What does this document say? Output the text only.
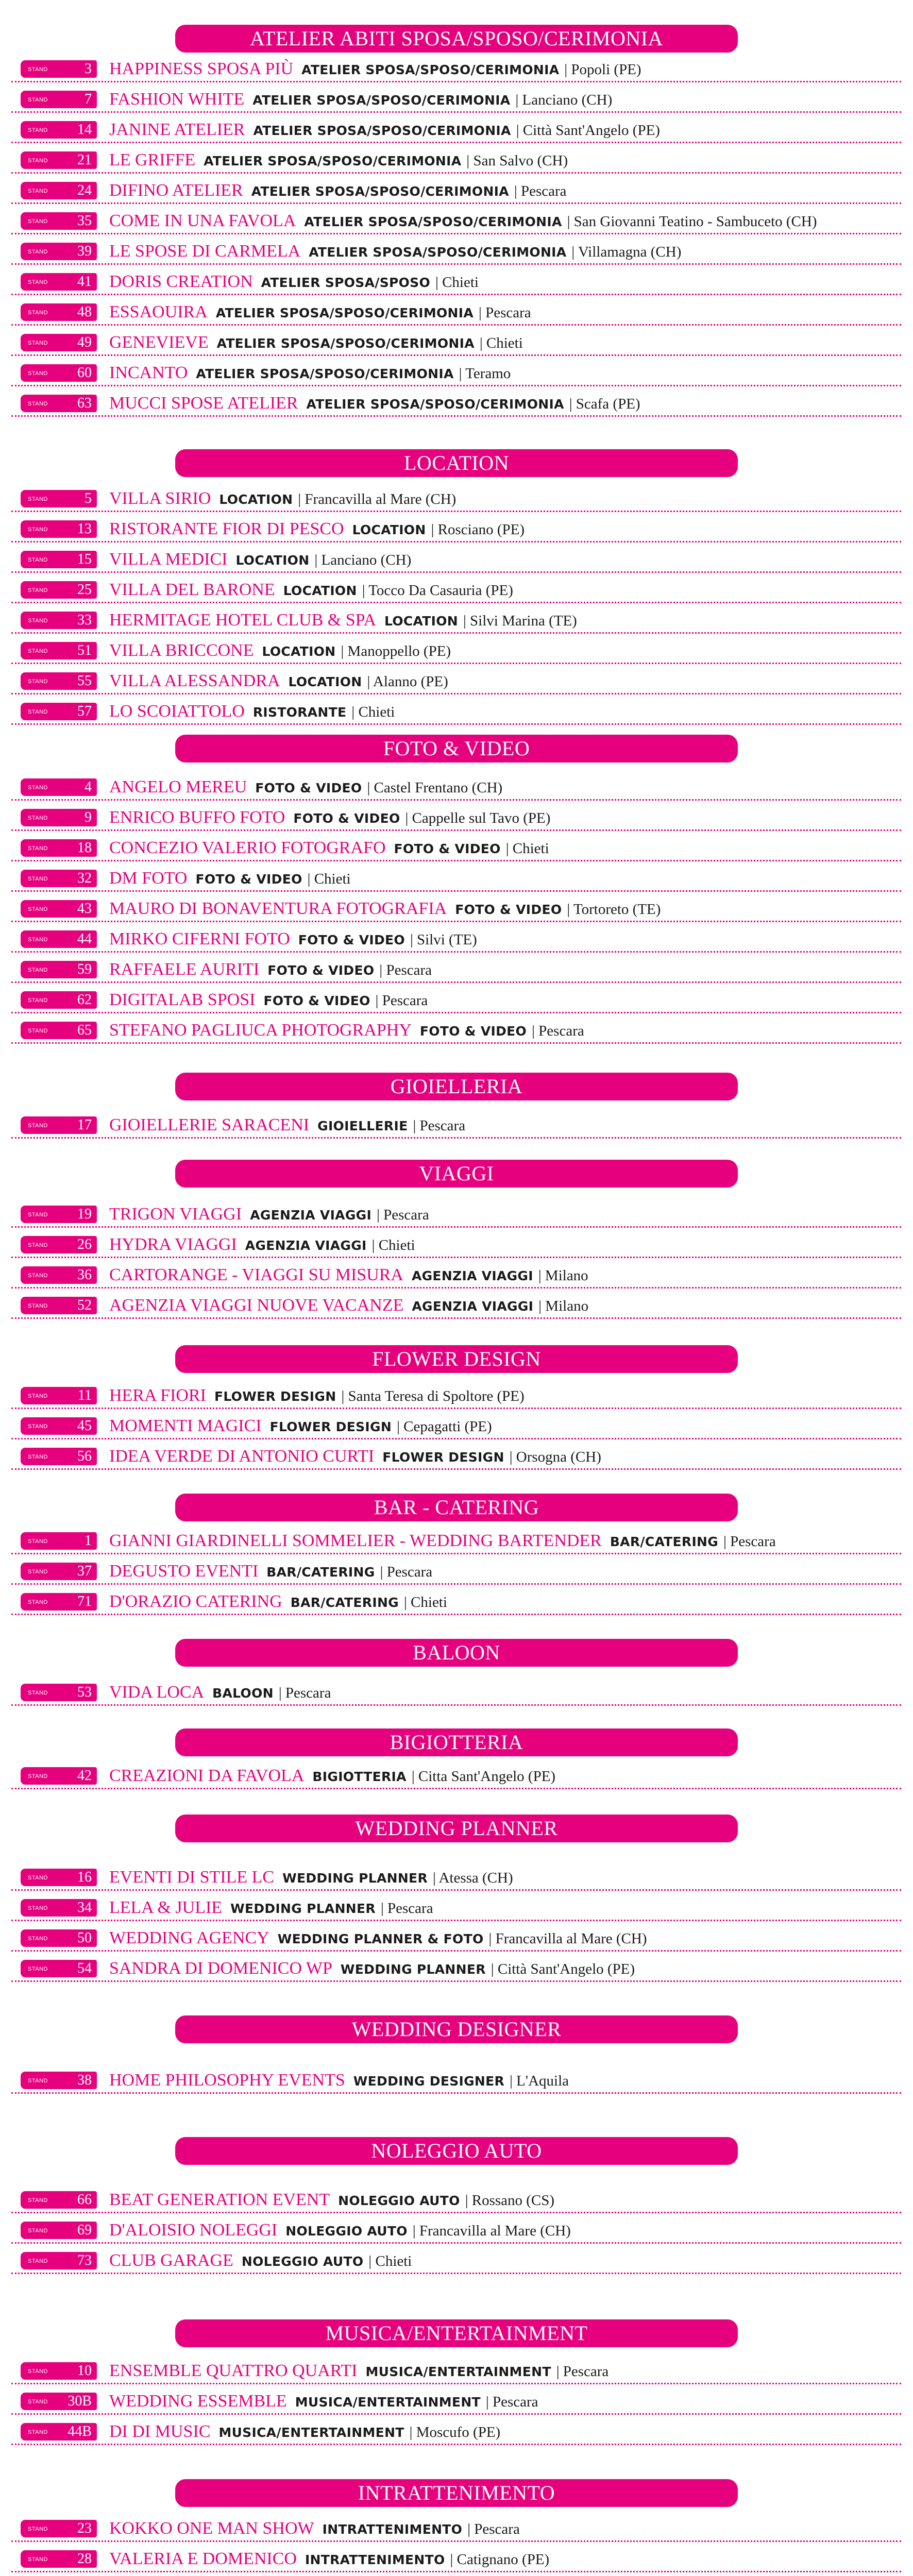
ATELIER ABITI SPOSA/SPOSO/CERIMONIA
STAND	3 HAPPINESS SPOSA PIÙ ATELIER SPOSA/SPOSO/CERIMONIA | Popoli (PE)
STAND	7 FASHION WHITE ATELIER SPOSA/SPOSO/CERIMONIA | Lanciano (CH)
STAND 14 JANINE ATELIER ATELIER SPOSA/SPOSO/CERIMONIA | Città Sant'Angelo (PE)
STAND 21 LE GRIFFE ATELIER SPOSA/SPOSO/CERIMONIA | San Salvo (CH)
STAND 24 DIFINO ATELIER ATELIER SPOSA/SPOSO/CERIMONIA | Pescara
STAND 35 COME IN UNA FAVOLA ATELIER SPOSA/SPOSO/CERIMONIA | San Giovanni Teatino - Sambuceto (CH)
STAND 39 LE SPOSE DI CARMELA ATELIER SPOSA/SPOSO/CERIMONIA | Villamagna (CH)
STAND 41 DORIS CREATION ATELIER SPOSA/SPOSO | Chieti
STAND 48 ESSAOUIRA ATELIER SPOSA/SPOSO/CERIMONIA | Pescara
STAND 49 GENEVIEVE ATELIER SPOSA/SPOSO/CERIMONIA | Chieti
STAND 60 INCANTO ATELIER SPOSA/SPOSO/CERIMONIA | Teramo
STAND 63 MUCCI SPOSE ATELIER ATELIER SPOSA/SPOSO/CERIMONIA | Scafa (PE)
LOCATION
STAND	5 VILLA SIRIO LOCATION | Francavilla al Mare (CH)
STAND 13 RISTORANTE FIOR DI PESCO LOCATION | Rosciano (PE)
STAND 15 VILLA MEDICI LOCATION | Lanciano (CH)
STAND 25 VILLA DEL BARONE LOCATION | Tocco Da Casauria (PE)
STAND 33 HERMITAGE HOTEL CLUB & SPA LOCATION | Silvi Marina (TE)
STAND 51 VILLA BRICCONE LOCATION | Manoppello (PE)
STAND 55 VILLA ALESSANDRA LOCATION | Alanno (PE)
STAND 57 LO SCOIATTOLO RISTORANTE | Chieti
FOTO & VIDEO
STAND	4 ANGELO MEREU FOTO & VIDEO | Castel Frentano (CH)
STAND	9 ENRICO BUFFO FOTO FOTO & VIDEO | Cappelle sul Tavo (PE)
STAND 18 CONCEZIO VALERIO FOTOGRAFO FOTO & VIDEO | Chieti
STAND 32 DM FOTO FOTO & VIDEO | Chieti
STAND 43 MAURO DI BONAVENTURA FOTOGRAFIA FOTO & VIDEO | Tortoreto (TE)
STAND 44 MIRKO CIFERNI FOTO FOTO & VIDEO | Silvi (TE)
STAND 59 RAFFAELE AURITI FOTO & VIDEO | Pescara
STAND 62 DIGITALAB SPOSI FOTO & VIDEO | Pescara
STAND 65 STEFANO PAGLIUCA PHOTOGRAPHY FOTO & VIDEO | Pescara
GIOIELLERIA
STAND 17 GIOIELLERIE SARACENI GIOIELLERIE | Pescara
VIAGGI
STAND 19 TRIGON VIAGGI AGENZIA VIAGGI | Pescara
STAND 26 HYDRA VIAGGI AGENZIA VIAGGI | Chieti
STAND 36 CARTORANGE - VIAGGI SU MISURA AGENZIA VIAGGI | Milano
STAND 52 AGENZIA VIAGGI NUOVE VACANZE AGENZIA VIAGGI | Milano
FLOWER DESIGN
STAND 11 HERA FIORI FLOWER DESIGN | Santa Teresa di Spoltore (PE)
STAND 45 MOMENTI MAGICI FLOWER DESIGN | Cepagatti (PE)
STAND 56 IDEA VERDE DI ANTONIO CURTI FLOWER DESIGN | Orsogna (CH)
BAR - CATERING
STAND	1 GIANNI GIARDINELLI SOMMELIER - WEDDING BARTENDER BAR/CATERING | Pescara
STAND 37 DEGUSTO EVENTI BAR/CATERING | Pescara
STAND 71 D'ORAZIO CATERING BAR/CATERING | Chieti
BALOON
STAND 53 VIDA LOCA BALOON | Pescara
BIGIOTTERIA
STAND 42 CREAZIONI DA FAVOLA BIGIOTTERIA | Citta Sant'Angelo (PE)
WEDDING PLANNER
STAND 16 EVENTI DI STILE LC WEDDING PLANNER | Atessa (CH)
STAND 34 LELA & JULIE WEDDING PLANNER | Pescara
STAND 50 WEDDING AGENCY WEDDING PLANNER & FOTO | Francavilla al Mare (CH)
STAND 54 SANDRA DI DOMENICO WP WEDDING PLANNER | Città Sant'Angelo (PE)
WEDDING DESIGNER
STAND 38 HOME PHILOSOPHY EVENTS WEDDING DESIGNER | L'Aquila
NOLEGGIO AUTO
STAND 66 BEAT GENERATION EVENT NOLEGGIO AUTO | Rossano (CS)
STAND 69 D'ALOISIO NOLEGGI NOLEGGIO AUTO | Francavilla al Mare (CH)
STAND 73 CLUB GARAGE NOLEGGIO AUTO | Chieti
MUSICA/ENTERTAINMENT
STAND 10 ENSEMBLE QUATTRO QUARTI MUSICA/ENTERTAINMENT | Pescara
STAND 30B WEDDING ESSEMBLE MUSICA/ENTERTAINMENT | Pescara
STAND 44B DI DI MUSIC MUSICA/ENTERTAINMENT | Moscufo (PE)
INTRATTENIMENTO
STAND 23 KOKKO ONE MAN SHOW INTRATTENIMENTO | Pescara
STAND 28 VALERIA E DOMENICO INTRATTENIMENTO | Catignano (PE)
